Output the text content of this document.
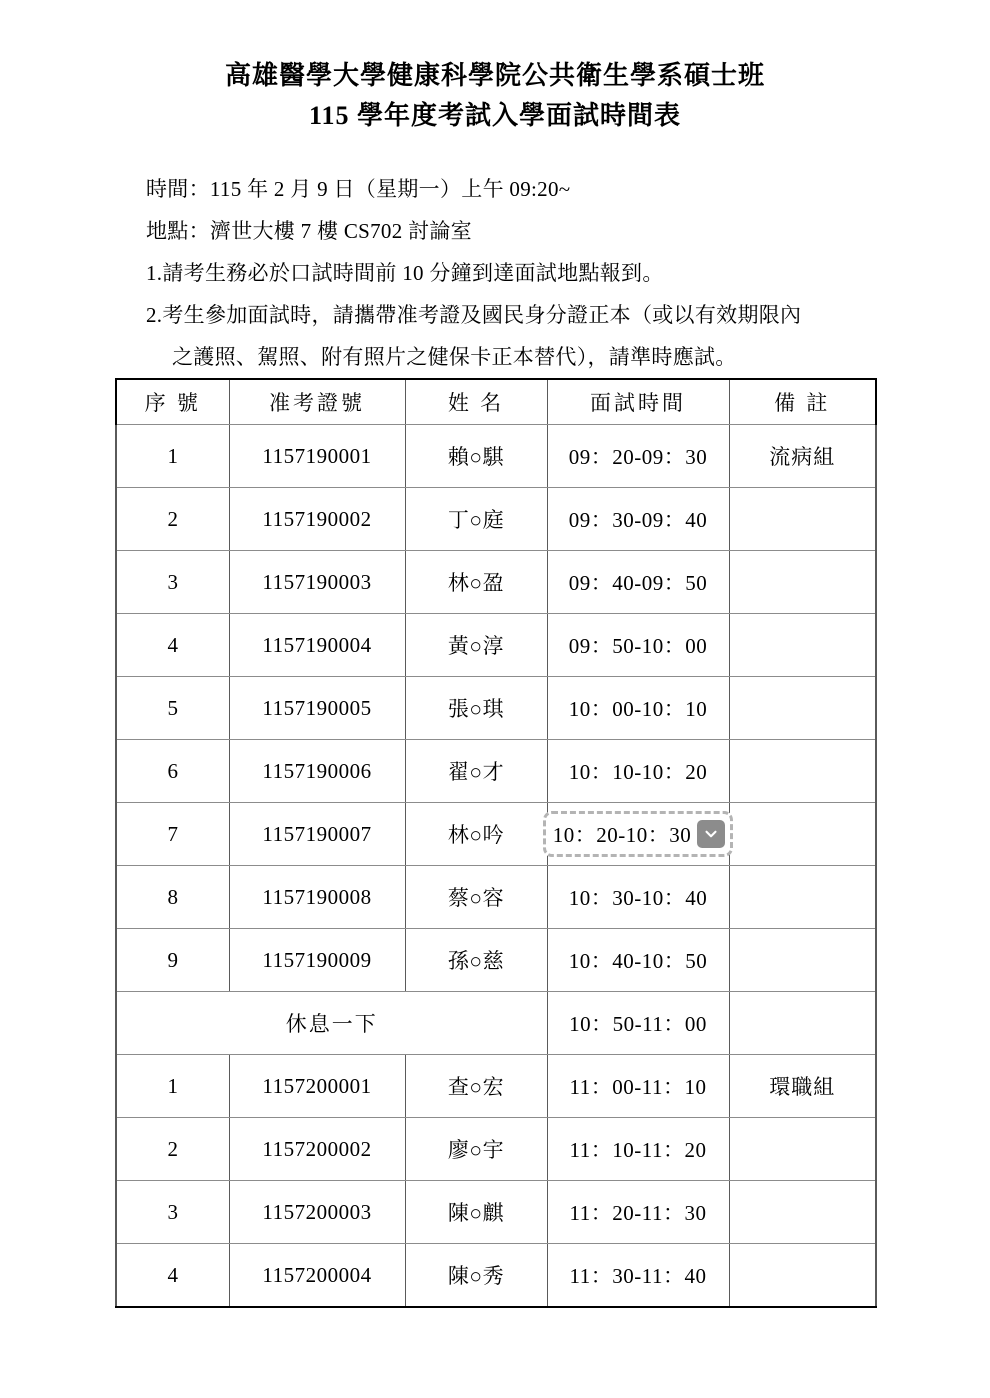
高雄醫學大學健康科學院公共衛生學系碩士班
115 學年度考試入學面試時間表
時間：115 年 2 月 9 日（星期一）上午 09:20~
地點：濟世大樓 7 樓 CS702 討論室
1.請考生務必於口試時間前 10 分鐘到達面試地點報到。
2.考生參加面試時，請攜帶准考證及國民身分證正本（或以有效期限內
之護照、駕照、附有照片之健保卡正本替代），請準時應試。
序 號	准考證號	姓 名	面試時間	備 註
1	1157190001	賴○騏	09：20-09：30	流病組
2	1157190002	丁○庭	09：30-09：40	
3	1157190003	林○盈	09：40-09：50	
4	1157190004	黃○淳	09：50-10：00	
5	1157190005	張○琪	10：00-10：10	
6	1157190006	翟○才	10：10-10：20	
7	1157190007	林○吟	10：20-10：30	

8	1157190008	蔡○容	10：30-10：40	
9	1157190009	孫○慈	10：40-10：50	
休息一下			10：50-11：00	
1	1157200001	查○宏	11：00-11：10	環職組
2	1157200002	廖○宇	11：10-11：20	
3	1157200003	陳○麒	11：20-11：30	
4	1157200004	陳○秀	11：30-11：40	
